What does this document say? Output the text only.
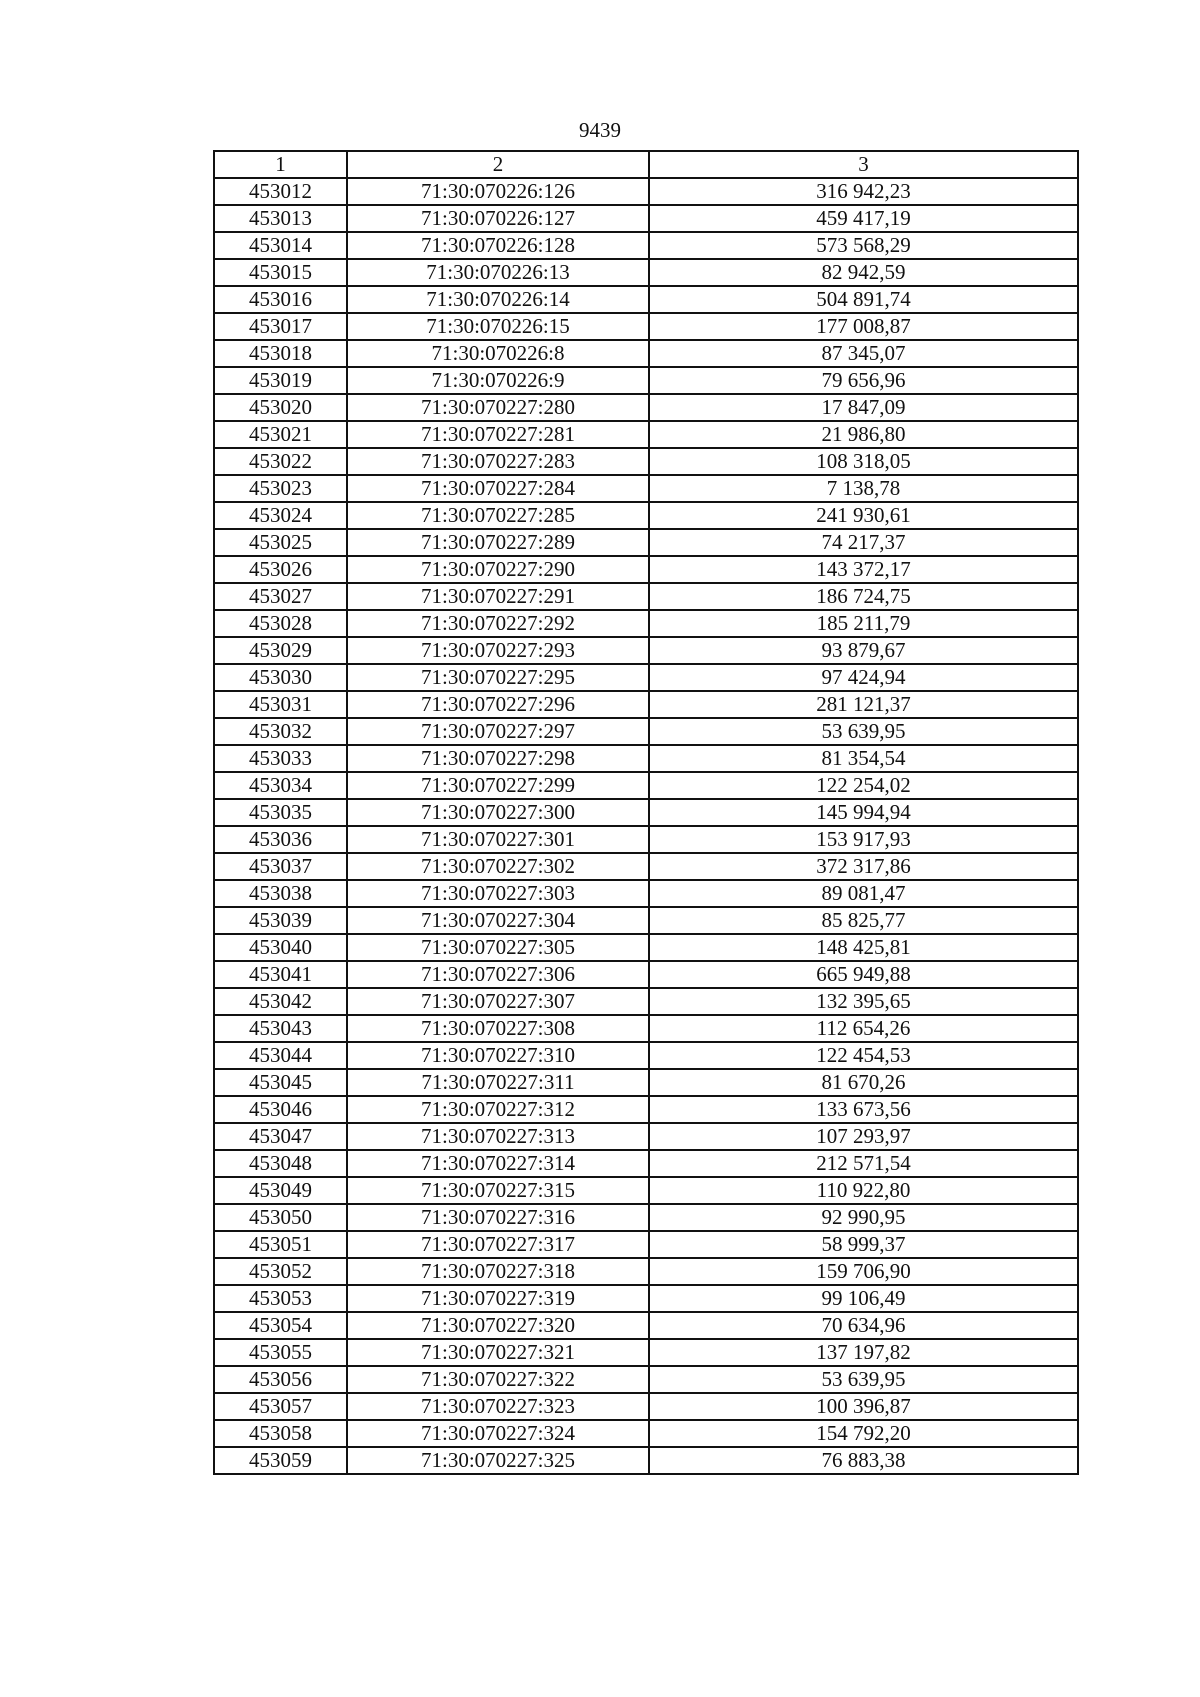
9439
1	2	3
453012	71:30:070226:126	316 942,23
453013	71:30:070226:127	459 417,19
453014	71:30:070226:128	573 568,29
453015	71:30:070226:13	82 942,59
453016	71:30:070226:14	504 891,74
453017	71:30:070226:15	177 008,87
453018	71:30:070226:8	87 345,07
453019	71:30:070226:9	79 656,96
453020	71:30:070227:280	17 847,09
453021	71:30:070227:281	21 986,80
453022	71:30:070227:283	108 318,05
453023	71:30:070227:284	7 138,78
453024	71:30:070227:285	241 930,61
453025	71:30:070227:289	74 217,37
453026	71:30:070227:290	143 372,17
453027	71:30:070227:291	186 724,75
453028	71:30:070227:292	185 211,79
453029	71:30:070227:293	93 879,67
453030	71:30:070227:295	97 424,94
453031	71:30:070227:296	281 121,37
453032	71:30:070227:297	53 639,95
453033	71:30:070227:298	81 354,54
453034	71:30:070227:299	122 254,02
453035	71:30:070227:300	145 994,94
453036	71:30:070227:301	153 917,93
453037	71:30:070227:302	372 317,86
453038	71:30:070227:303	89 081,47
453039	71:30:070227:304	85 825,77
453040	71:30:070227:305	148 425,81
453041	71:30:070227:306	665 949,88
453042	71:30:070227:307	132 395,65
453043	71:30:070227:308	112 654,26
453044	71:30:070227:310	122 454,53
453045	71:30:070227:311	81 670,26
453046	71:30:070227:312	133 673,56
453047	71:30:070227:313	107 293,97
453048	71:30:070227:314	212 571,54
453049	71:30:070227:315	110 922,80
453050	71:30:070227:316	92 990,95
453051	71:30:070227:317	58 999,37
453052	71:30:070227:318	159 706,90
453053	71:30:070227:319	99 106,49
453054	71:30:070227:320	70 634,96
453055	71:30:070227:321	137 197,82
453056	71:30:070227:322	53 639,95
453057	71:30:070227:323	100 396,87
453058	71:30:070227:324	154 792,20
453059	71:30:070227:325	76 883,38
